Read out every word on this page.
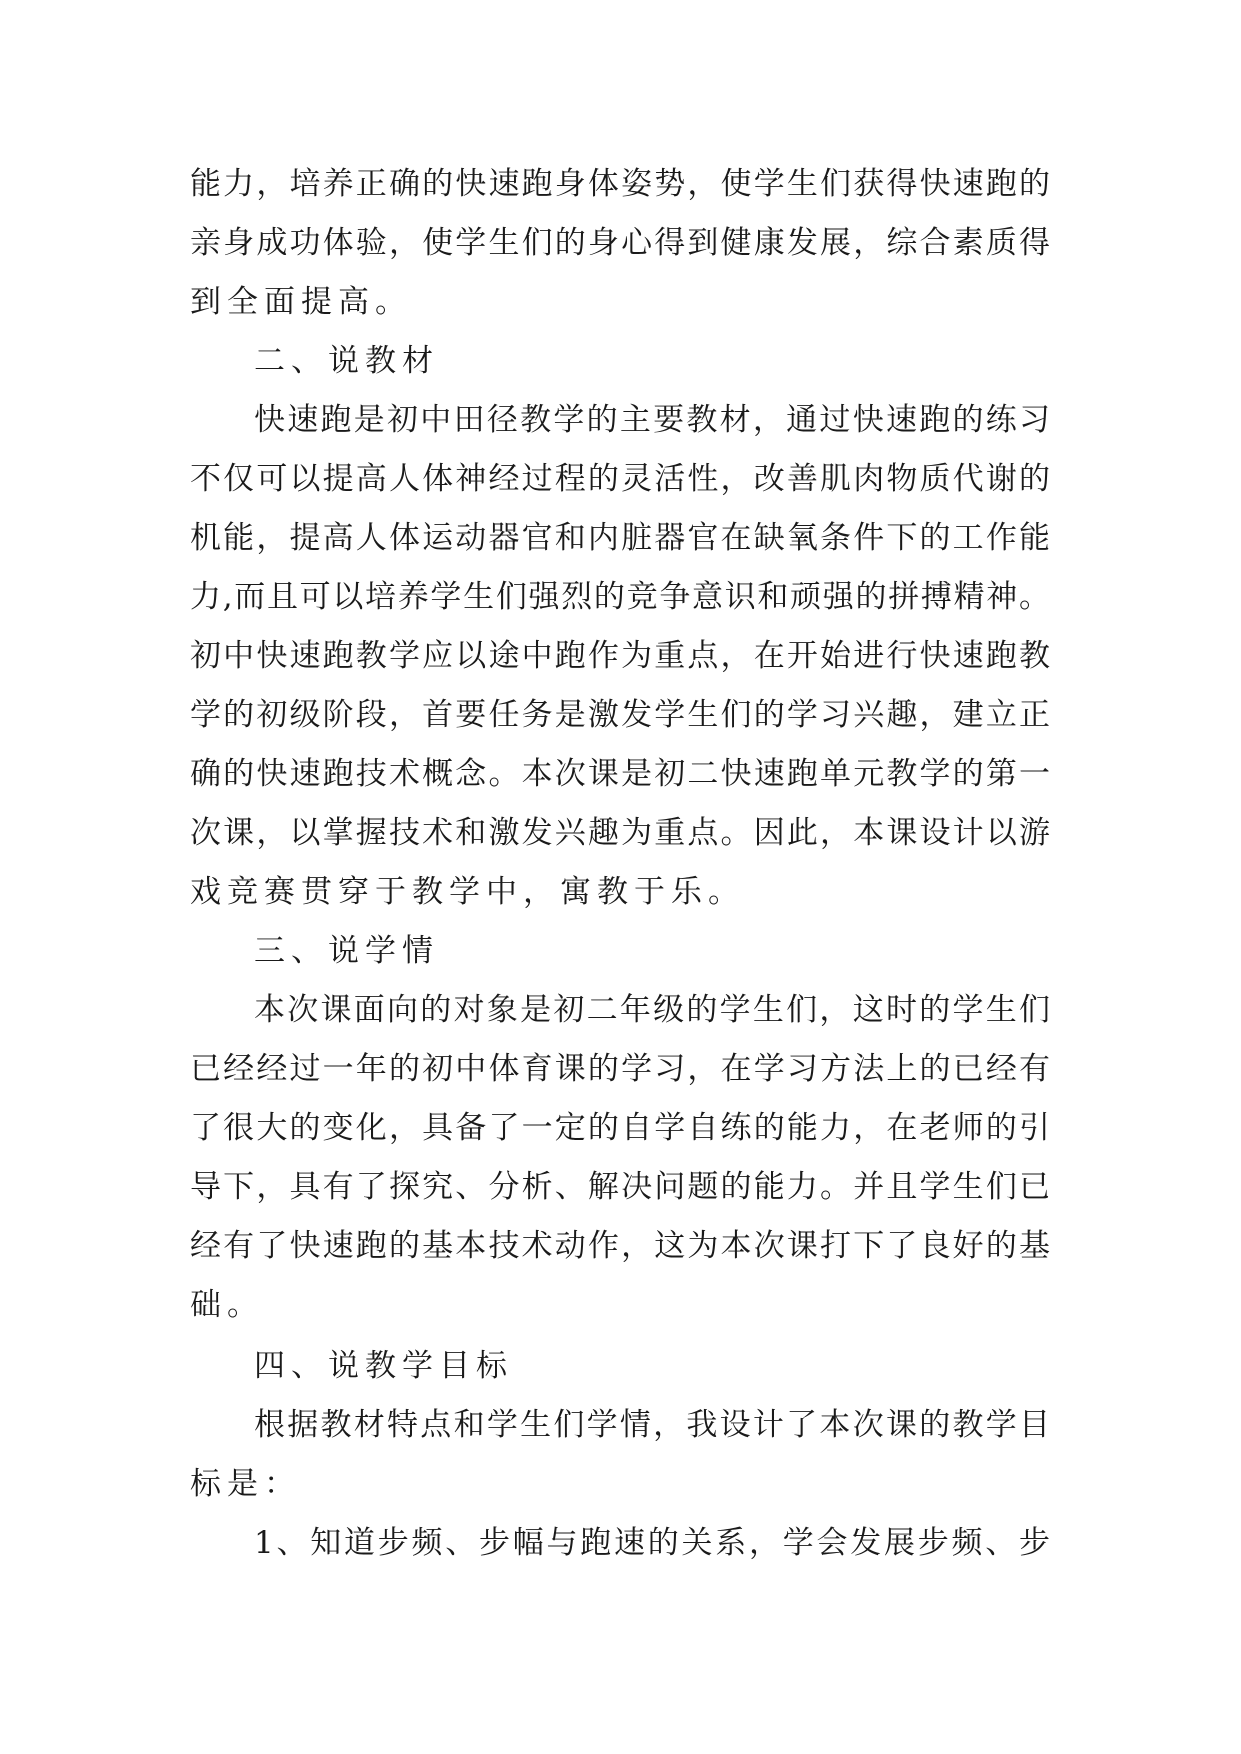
能力，培养正确的快速跑身体姿势，使学生们获得快速跑的
亲身成功体验，使学生们的身心得到健康发展，综合素质得
到全面提高。
二、说教材
快速跑是初中田径教学的主要教材，通过快速跑的练习
不仅可以提高人体神经过程的灵活性，改善肌肉物质代谢的
机能，提高人体运动器官和内脏器官在缺氧条件下的工作能
力,而且可以培养学生们强烈的竞争意识和顽强的拼搏精神。
初中快速跑教学应以途中跑作为重点，在开始进行快速跑教
学的初级阶段，首要任务是激发学生们的学习兴趣，建立正
确的快速跑技术概念。本次课是初二快速跑单元教学的第一
次课，以掌握技术和激发兴趣为重点。因此，本课设计以游
戏竞赛贯穿于教学中，寓教于乐。
三、说学情
本次课面向的对象是初二年级的学生们，这时的学生们
已经经过一年的初中体育课的学习，在学习方法上的已经有
了很大的变化，具备了一定的自学自练的能力，在老师的引
导下，具有了探究、分析、解决问题的能力。并且学生们已
经有了快速跑的基本技术动作，这为本次课打下了良好的基
础。
四、说教学目标
根据教材特点和学生们学情，我设计了本次课的教学目
标是：
1、知道步频、步幅与跑速的关系，学会发展步频、步
